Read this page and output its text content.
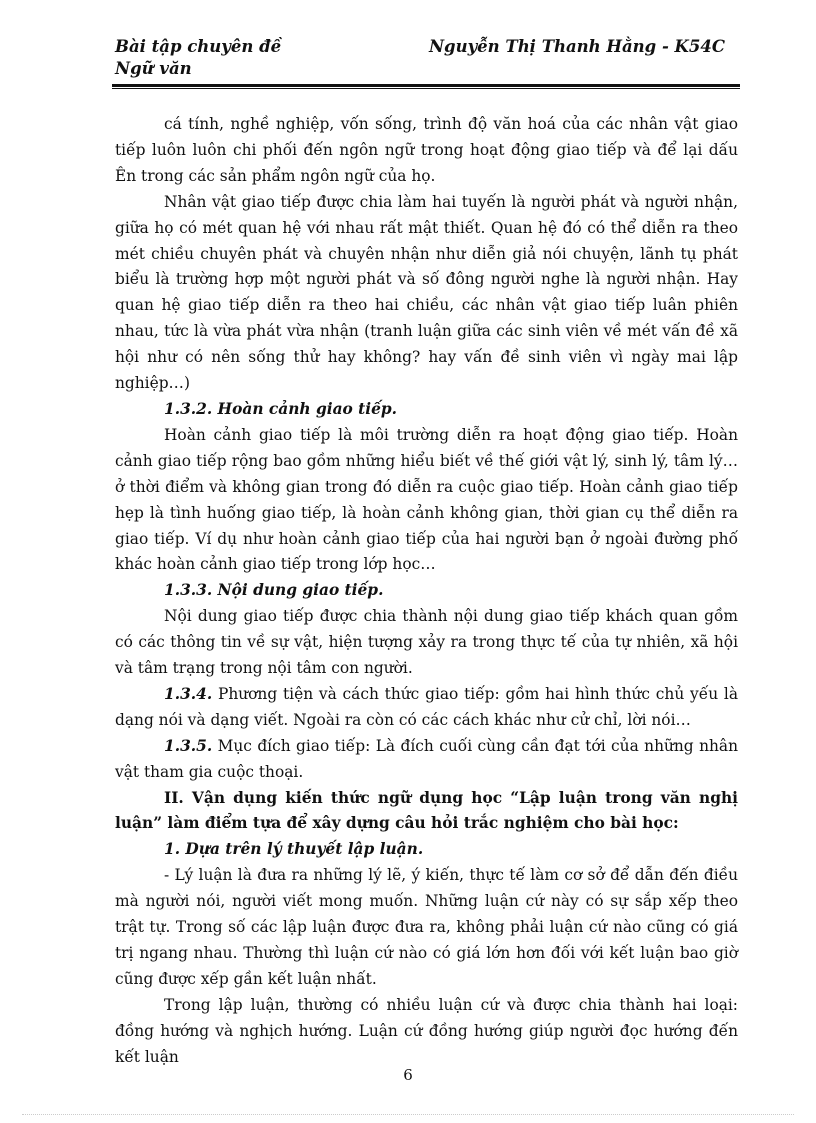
Bài tập chuyên đề
Ngữ văn
Nguyễn Thị Thanh Hằng - K54C

cá tính, nghề nghiệp, vốn sống, trình độ văn hoá của các nhân vật giao tiếp luôn luôn chi phối đến ngôn ngữ trong hoạt động giao tiếp và để lại dấu Ên trong các sản phẩm ngôn ngữ của họ.

Nhân vật giao tiếp được chia làm hai tuyến là người phát và người nhận, giữa họ có mét quan hệ với nhau rất mật thiết. Quan hệ đó có thể diễn ra theo mét chiều chuyên phát và chuyên nhận như diễn giả nói chuyện, lãnh tụ phát biểu là trường hợp một người phát và số đông người nghe là người nhận. Hay quan hệ giao tiếp diễn ra theo hai chiều, các nhân vật giao tiếp luân phiên nhau, tức là vừa phát vừa nhận (tranh luận giữa các sinh viên về mét vấn đề xã hội như có nên sống thử hay không? hay vấn đề sinh viên vì ngày mai lập nghiệp…)

1.3.2. Hoàn cảnh giao tiếp.

Hoàn cảnh giao tiếp là môi trường diễn ra hoạt động giao tiếp. Hoàn cảnh giao tiếp rộng bao gồm những hiểu biết về thế giới vật lý, sinh lý, tâm lý… ở thời điểm và không gian trong đó diễn ra cuộc giao tiếp. Hoàn cảnh giao tiếp hẹp là tình huống giao tiếp, là hoàn cảnh không gian, thời gian cụ thể diễn ra giao tiếp. Ví dụ như hoàn cảnh giao tiếp của hai người bạn ở ngoài đường phố khác hoàn cảnh giao tiếp trong lớp học…

1.3.3. Nội dung giao tiếp.

Nội dung giao tiếp được chia thành nội dung giao tiếp khách quan gồm có các thông tin về sự vật, hiện tượng xảy ra trong thực tế của tự nhiên, xã hội và tâm trạng trong nội tâm con người.

1.3.4. Phương tiện và cách thức giao tiếp: gồm hai hình thức chủ yếu là dạng nói và dạng viết. Ngoài ra còn có các cách khác như cử chỉ, lời nói…

1.3.5. Mục đích giao tiếp: Là đích cuối cùng cần đạt tới của những nhân vật tham gia cuộc thoại.

II. Vận dụng kiến thức ngữ dụng học “Lập luận trong văn nghị luận” làm điểm tựa để xây dựng câu hỏi trắc nghiệm cho bài học:

1. Dựa trên lý thuyết lập luận.

- Lý luận là đưa ra những lý lẽ, ý kiến, thực tế làm cơ sở để dẫn đến điều mà người nói, người viết mong muốn. Những luận cứ này có sự sắp xếp theo trật tự. Trong số các lập luận được đưa ra, không phải luận cứ nào cũng có giá trị ngang nhau. Thường thì luận cứ nào có giá lớn hơn đối với kết luận bao giờ cũng được xếp gần kết luận nhất.

Trong lập luận, thường có nhiều luận cứ và được chia thành hai loại: đồng hướng và nghịch hướng. Luận cứ đồng hướng giúp người đọc hướng đến kết luận

6
